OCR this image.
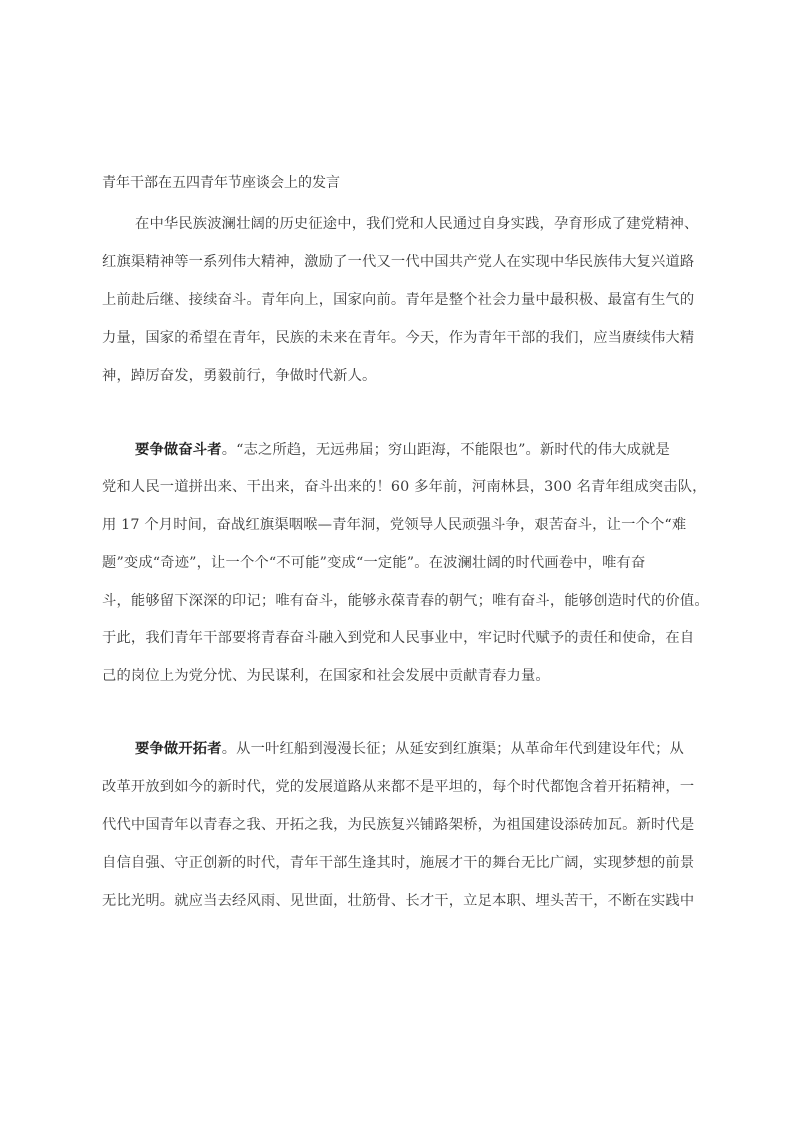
青年干部在五四青年节座谈会上的发言
在中华民族波澜壮阔的历史征途中，我们党和人民通过自身实践，孕育形成了建党精神、
红旗渠精神等一系列伟大精神，激励了一代又一代中国共产党人在实现中华民族伟大复兴道路
上前赴后继、接续奋斗。青年向上，国家向前。青年是整个社会力量中最积极、最富有生气的
力量，国家的希望在青年，民族的未来在青年。今天，作为青年干部的我们，应当赓续伟大精
神，踔厉奋发，勇毅前行，争做时代新人。
要争做奋斗者。“志之所趋，无远弗届；穷山距海，不能限也”。新时代的伟大成就是
党和人民一道拼出来、干出来，奋斗出来的！60 多年前，河南林县，300 名青年组成突击队，
用 17 个月时间，奋战红旗渠咽喉—青年洞，党领导人民顽强斗争，艰苦奋斗，让一个个“难
题”变成“奇迹”，让一个个“不可能”变成“一定能”。在波澜壮阔的时代画卷中，唯有奋
斗，能够留下深深的印记；唯有奋斗，能够永葆青春的朝气；唯有奋斗，能够创造时代的价值。
于此，我们青年干部要将青春奋斗融入到党和人民事业中，牢记时代赋予的责任和使命，在自
己的岗位上为党分忧、为民谋利，在国家和社会发展中贡献青春力量。
要争做开拓者。从一叶红船到漫漫长征；从延安到红旗渠；从革命年代到建设年代；从
改革开放到如今的新时代，党的发展道路从来都不是平坦的，每个时代都饱含着开拓精神，一
代代中国青年以青春之我、开拓之我，为民族复兴铺路架桥，为祖国建设添砖加瓦。新时代是
自信自强、守正创新的时代，青年干部生逢其时，施展才干的舞台无比广阔，实现梦想的前景
无比光明。就应当去经风雨、见世面，壮筋骨、长才干，立足本职、埋头苦干，不断在实践中
